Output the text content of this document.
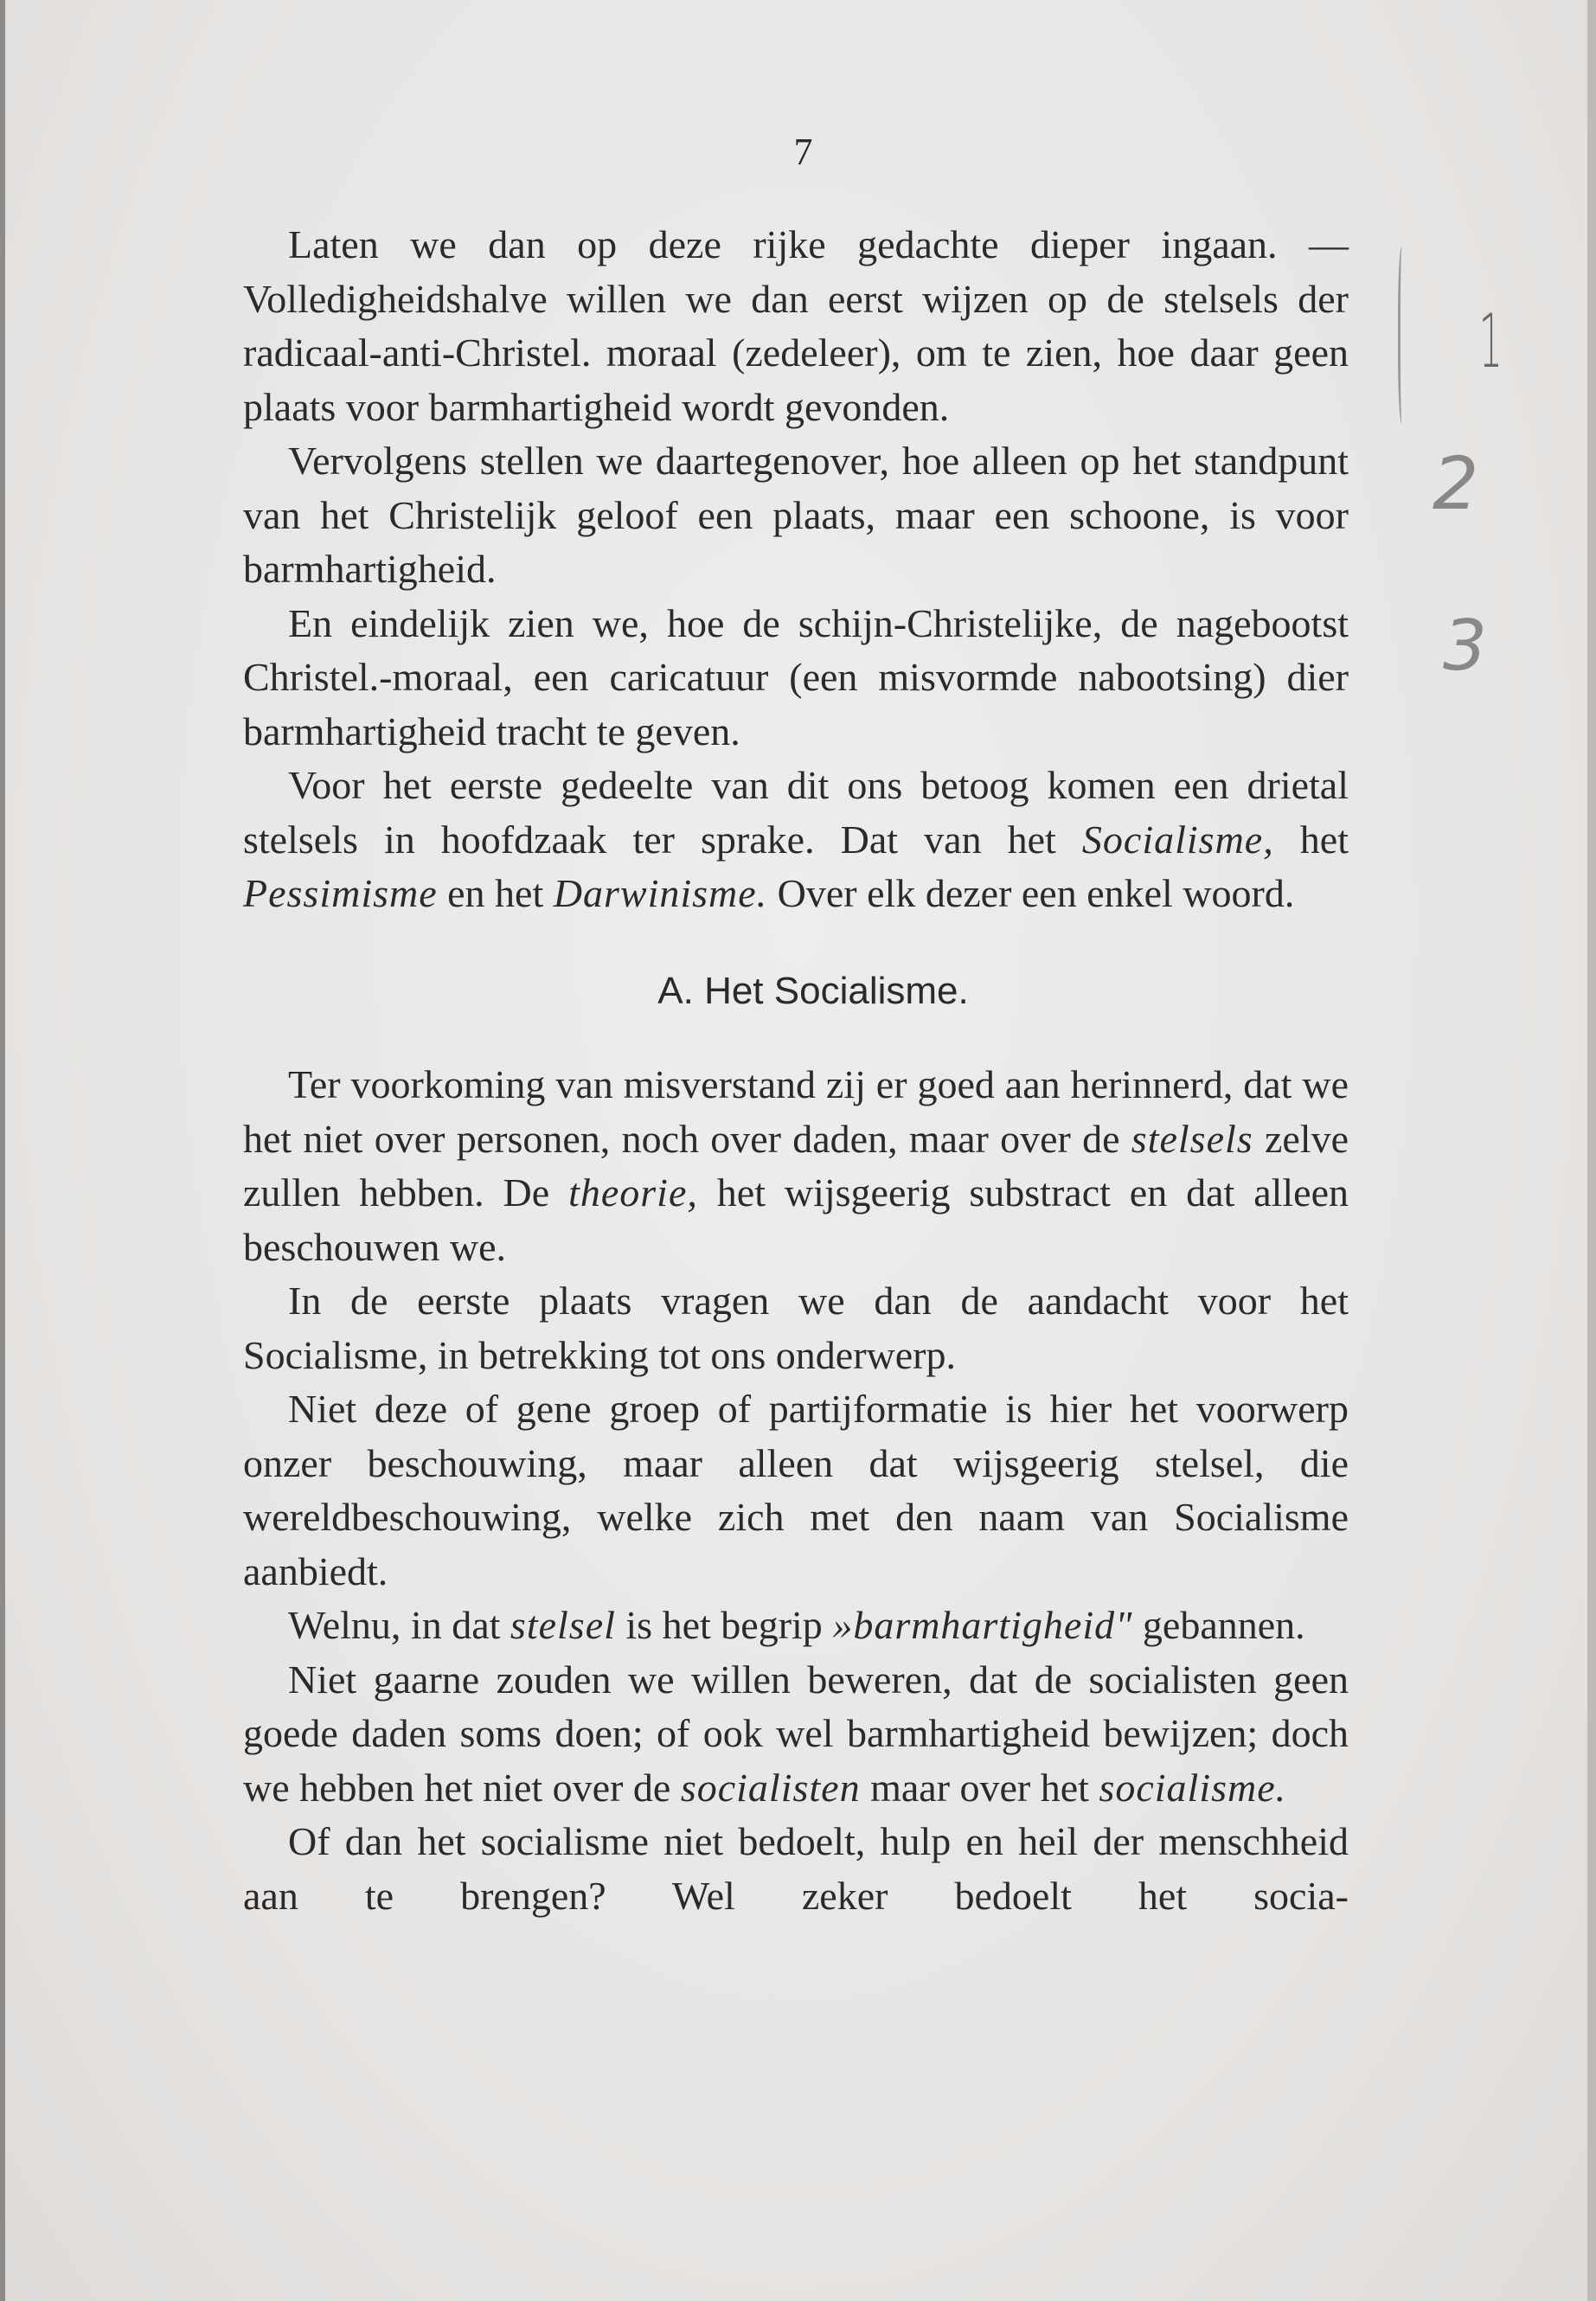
7
1
2
3

Laten we dan op deze rijke gedachte dieper ingaan. — Volledigheidshalve willen we dan eerst wijzen op de stelsels der radicaal-anti-Christel. moraal (zedeleer), om te zien, hoe daar geen plaats voor barmhartigheid wordt gevonden.

Vervolgens stellen we daartegenover, hoe alleen op het standpunt van het Christelijk geloof een plaats, maar een schoone, is voor barmhartigheid.

En eindelijk zien we, hoe de schijn-Christelijke, de nagebootst Christel.-moraal, een caricatuur (een misvormde nabootsing) dier barmhartigheid tracht te geven.

Voor het eerste gedeelte van dit ons betoog komen een drietal stelsels in hoofdzaak ter sprake. Dat van het Socialisme, het Pessimisme en het Darwinisme. Over elk dezer een enkel woord.

A. Het Socialisme.

Ter voorkoming van misverstand zij er goed aan herinnerd, dat we het niet over personen, noch over daden, maar over de stelsels zelve zullen hebben. De theorie, het wijsgeerig substract en dat alleen beschouwen we.

In de eerste plaats vragen we dan de aandacht voor het Socialisme, in betrekking tot ons onderwerp.

Niet deze of gene groep of partijformatie is hier het voorwerp onzer beschouwing, maar alleen dat wijsgeerig stelsel, die wereldbeschouwing, welke zich met den naam van Socialisme aanbiedt.

Welnu, in dat stelsel is het begrip »barmhartigheid" gebannen.

Niet gaarne zouden we willen beweren, dat de socialisten geen goede daden soms doen; of ook wel barmhartigheid bewijzen; doch we hebben het niet over de socialisten maar over het socialisme.

Of dan het socialisme niet bedoelt, hulp en heil der menschheid aan te brengen? Wel zeker bedoelt het socia-
